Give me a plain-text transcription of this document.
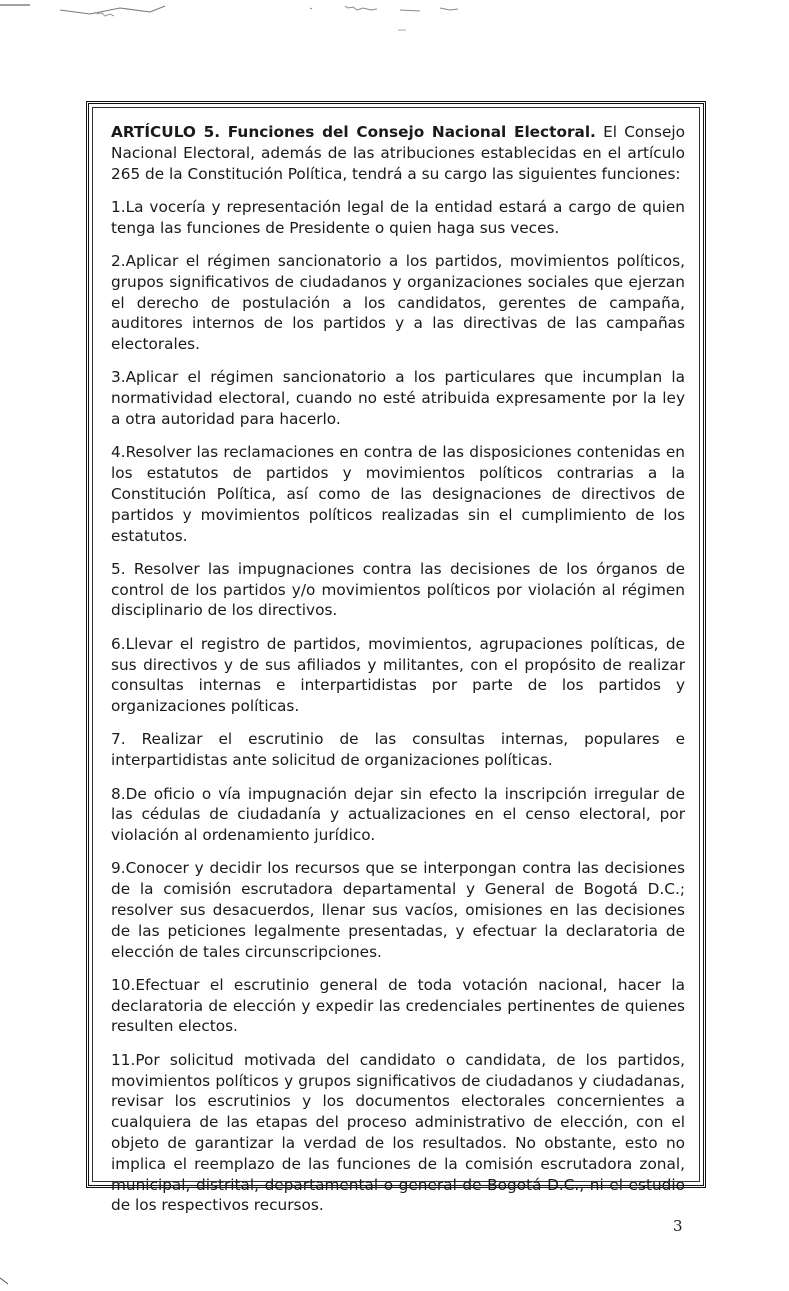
ARTÍCULO 5. Funciones del Consejo Nacional Electoral. El Consejo Nacional Electoral, además de las atribuciones establecidas en el artículo 265 de la Constitución Política, tendrá a su cargo las siguientes funciones:

1.La vocería y representación legal de la entidad estará a cargo de quien tenga las funciones de Presidente o quien haga sus veces.

2.Aplicar el régimen sancionatorio a los partidos, movimientos políticos, grupos significativos de ciudadanos y organizaciones sociales que ejerzan el derecho de postulación a los candidatos, gerentes de campaña, auditores internos de los partidos y a las directivas de las campañas electorales.

3.Aplicar el régimen sancionatorio a los particulares que incumplan la normatividad electoral, cuando no esté atribuida expresamente por la ley a otra autoridad para hacerlo.

4.Resolver las reclamaciones en contra de las disposiciones contenidas en los estatutos de partidos y movimientos políticos contrarias a la Constitución Política, así como de las designaciones de directivos de partidos y movimientos políticos realizadas sin el cumplimiento de los estatutos.

5. Resolver las impugnaciones contra las decisiones de los órganos de control de los partidos y/o movimientos políticos por violación al régimen disciplinario de los directivos.

6.Llevar el registro de partidos, movimientos, agrupaciones políticas, de sus directivos y de sus afiliados y militantes, con el propósito de realizar consultas internas e interpartidistas por parte de los partidos y organizaciones políticas.

7. Realizar el escrutinio de las consultas internas, populares e interpartidistas ante solicitud de organizaciones políticas.

8.De oficio o vía impugnación dejar sin efecto la inscripción irregular de las cédulas de ciudadanía y actualizaciones en el censo electoral, por violación al ordenamiento jurídico.

9.Conocer y decidir los recursos que se interpongan contra las decisiones de la comisión escrutadora departamental y General de Bogotá D.C.; resolver sus desacuerdos, llenar sus vacíos, omisiones en las decisiones de las peticiones legalmente presentadas, y efectuar la declaratoria de elección de tales circunscripciones.

10.Efectuar el escrutinio general de toda votación nacional, hacer la declaratoria de elección y expedir las credenciales pertinentes de quienes resulten electos.

11.Por solicitud motivada del candidato o candidata, de los partidos, movimientos políticos y grupos significativos de ciudadanos y ciudadanas, revisar los escrutinios y los documentos electorales concernientes a cualquiera de las etapas del proceso administrativo de elección, con el objeto de garantizar la verdad de los resultados. No obstante, esto no implica el reemplazo de las funciones de la comisión escrutadora zonal, municipal, distrital, departamental o general de Bogotá D.C., ni el estudio de los respectivos recursos.

3
